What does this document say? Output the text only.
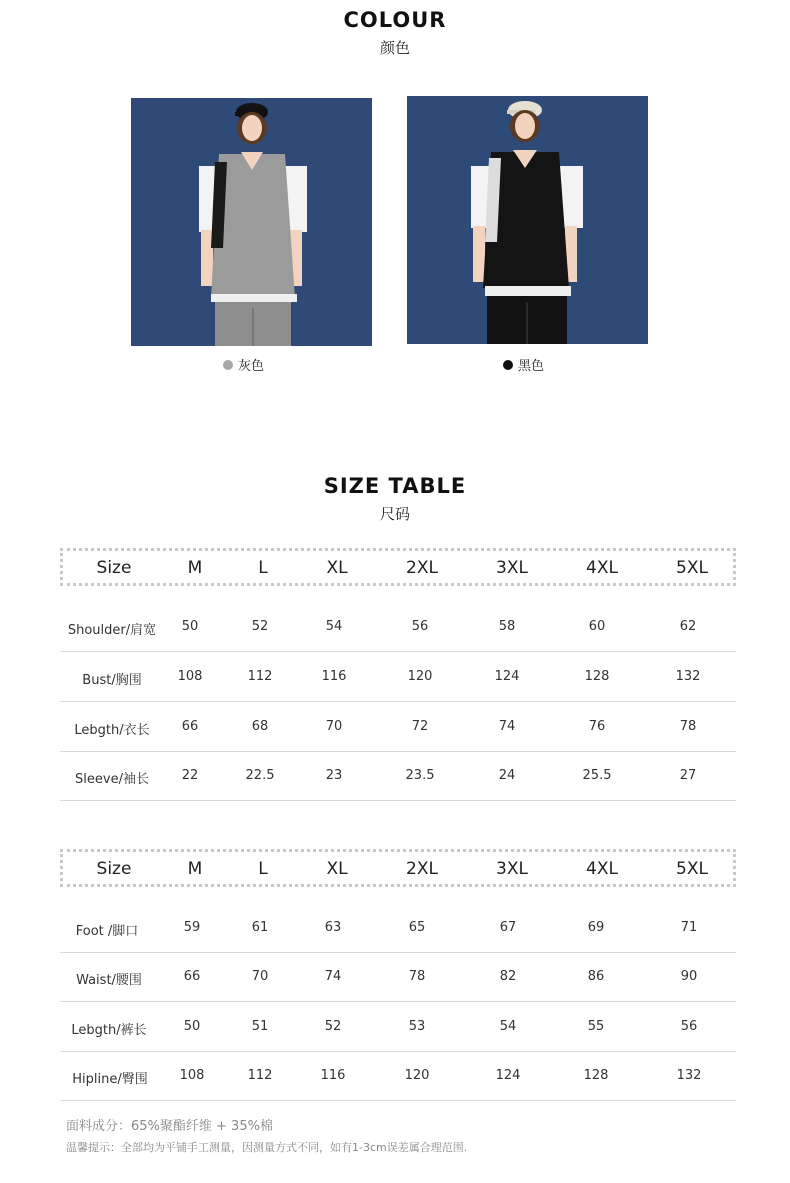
COLOUR
颜色
灰色	黑色
SIZE TABLE
尺码
Size	M	L	XL	2XL	3XL	4XL	5XL
Shoulder/肩宽 50	52	54	56	58	60	62
Bust/胸围	108	112	116	120	124	128	132
Lebgth/衣长 66	68	70	72	74	76	78
Sleeve/袖长	22	22.5	23	23.5	24	25.5	27
Size	M	L	XL	2XL	3XL	4XL	5XL
Foot /脚口	59	61	63	65	67	69	71
Waist/腰围	66	70	74	78	82	86	90
Lebgth/裤长	50	51	52	53	54	55	56
Hipline/臀围 108	112	116	120	124	128	132
面料成分：65%聚酯纤维 + 35%棉
温馨提示：全部均为平铺手工测量，因测量方式不同，如有1-3cm误差属合理范围.
